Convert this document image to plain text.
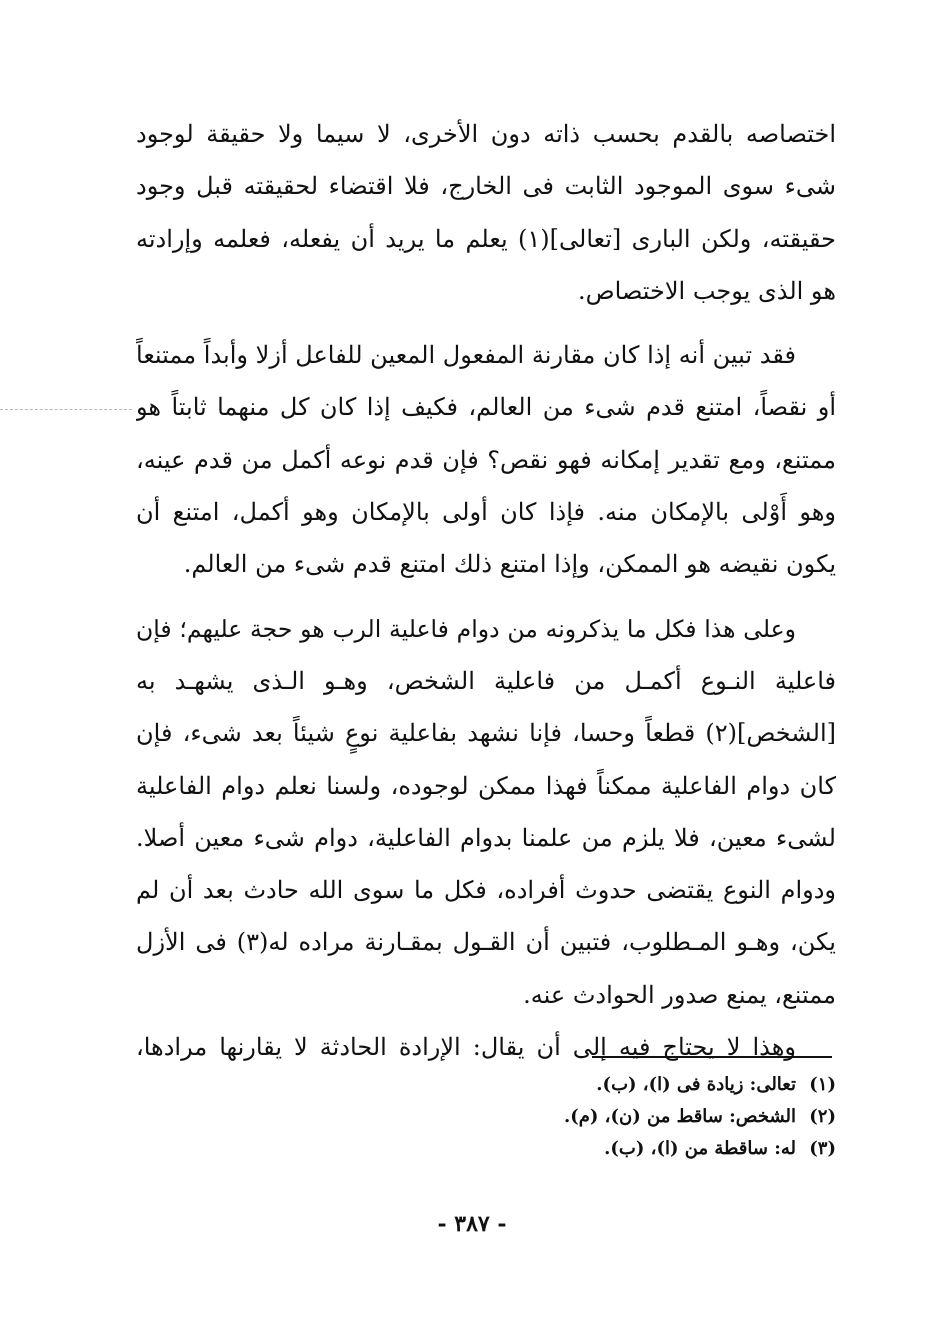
اختصاصه بالقدم بحسب ذاته دون الأخرى، لا سيما ولا حقيقة لوجود
شىء سوى الموجود الثابت فى الخارج، فلا اقتضاء لحقيقته قبل وجود
حقيقته، ولكن البارى [تعالى](١) يعلم ما يريد أن يفعله، فعلمه وإرادته
هو الذى يوجب الاختصاص.
فقد تبين أنه إذا كان مقارنة المفعول المعين للفاعل أزلا وأبداً ممتنعاً
أو نقصاً، امتنع قدم شىء من العالم، فكيف إذا كان كل منهما ثابتاً هو
ممتنع، ومع تقدير إمكانه فهو نقص؟ فإن قدم نوعه أكمل من قدم عينه،
وهو أَوْلى بالإمكان منه. فإذا كان أولى بالإمكان وهو أكمل، امتنع أن
يكون نقيضه هو الممكن، وإذا امتنع ذلك امتنع قدم شىء من العالم.
وعلى هذا فكل ما يذكرونه من دوام فاعلية الرب هو حجة عليهم؛ فإن
فاعلية النـوع أكمـل من فاعلية الشخص، وهـو الـذى يشهـد به
[الشخص](٢) قطعاً وحسا، فإنا نشهد بفاعلية نوعٍ شيئاً بعد شىء، فإن
كان دوام الفاعلية ممكناً فهذا ممكن لوجوده، ولسنا نعلم دوام الفاعلية
لشىء معين، فلا يلزم من علمنا بدوام الفاعلية، دوام شىء معين أصلا.
ودوام النوع يقتضى حدوث أفراده، فكل ما سوى الله حادث بعد أن لم
يكن، وهـو المـطلوب، فتبين أن القـول بمقـارنة مراده له(٣) فى الأزل
ممتنع، يمنع صدور الحوادث عنه.
وهذا لا يحتاج فيه إلى أن يقال: الإرادة الحادثة لا يقارنها مرادها،
(١)تعالى: زيادة فى (ا)، (ب).
(٢)الشخص: ساقط من (ن)، (م).
(٣)له: ساقطة من (ا)، (ب).
- ٣٨٧ -
